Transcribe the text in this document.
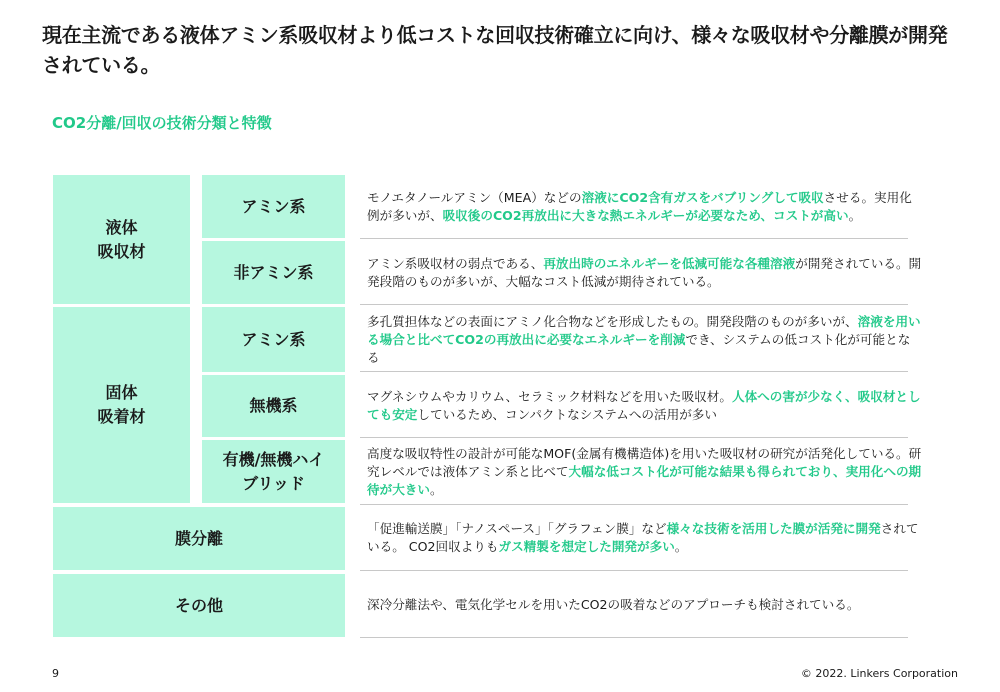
現在主流である液体アミン系吸収材より低コストな回収技術確立に向け、様々な吸収材や分離膜が開発されている。
CO2分離/回収の技術分類と特徴
液体
吸収材
固体
吸着材
膜分離
その他
アミン系
非アミン系
アミン系
無機系
有機/無機ハイブリッド

モノエタノールアミン（MEA）などの溶液にCO2含有ガスをバブリングして吸収させる。実用化例が多いが、吸収後のCO2再放出に大きな熱エネルギーが必要なため、コストが高い。

アミン系吸収材の弱点である、再放出時のエネルギーを低減可能な各種溶液が開発されている。開発段階のものが多いが、大幅なコスト低減が期待されている。

多孔質担体などの表面にアミノ化合物などを形成したもの。開発段階のものが多いが、溶液を用いる場合と比べてCO2の再放出に必要なエネルギーを削減でき、システムの低コスト化が可能となる

マグネシウムやカリウム、セラミック材料などを用いた吸収材。人体への害が少なく、吸収材としても安定しているため、コンパクトなシステムへの活用が多い

高度な吸収特性の設計が可能なMOF(金属有機構造体)を用いた吸収材の研究が活発化している。研究レベルでは液体アミン系と比べて大幅な低コスト化が可能な結果も得られており、実用化への期待が大きい。

「促進輸送膜」「ナノスペース」「グラフェン膜」など様々な技術を活用した膜が活発に開発されている。 CO2回収よりもガス精製を想定した開発が多い。

深冷分離法や、電気化学セルを用いたCO2の吸着などのアプローチも検討されている。

9	© 2022. Linkers Corporation
